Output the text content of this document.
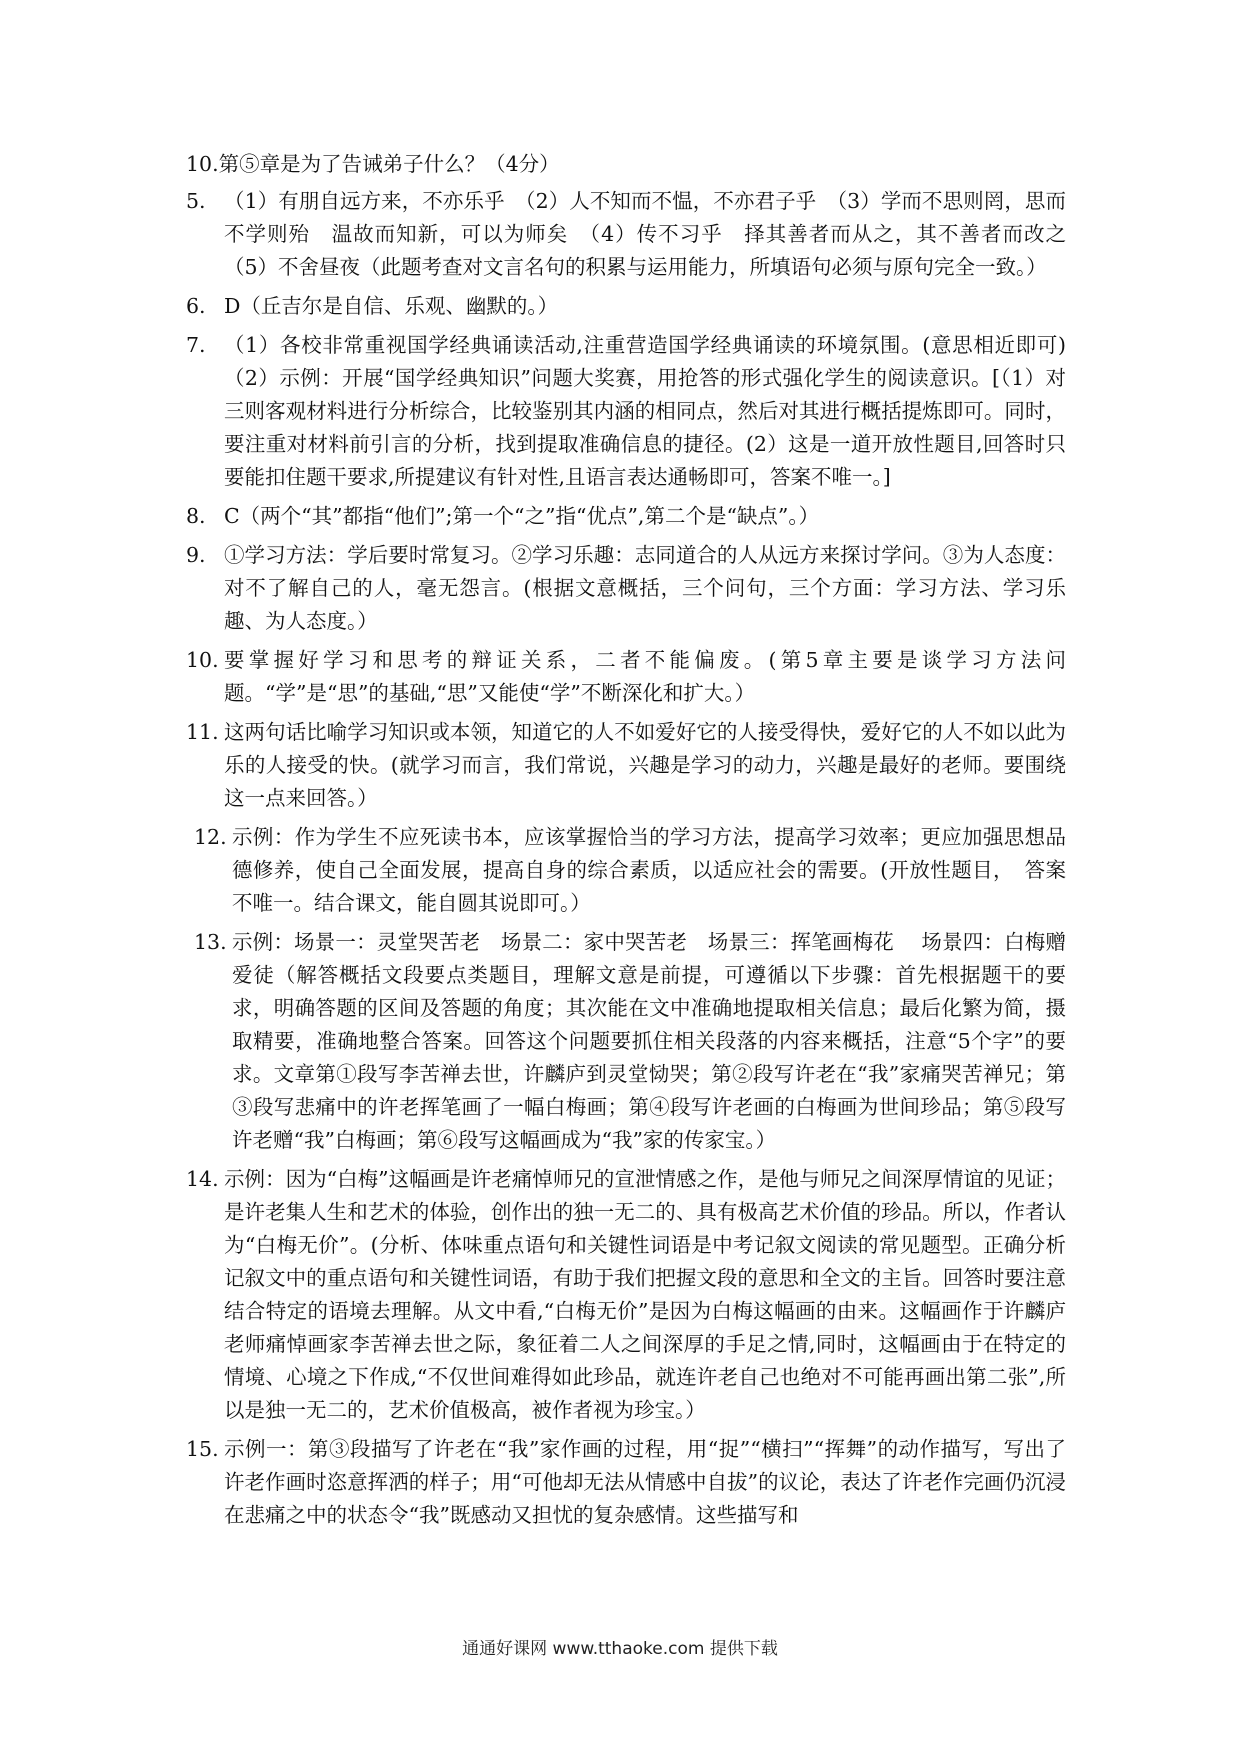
10.第⑤章是为了告诫弟子什么？（4分）
5. （1）有朋自远方来，不亦乐乎　（2）人不知而不愠，不亦君子乎　（3）学而不思则罔，思而不学则殆　温故而知新，可以为师矣　（4）传不习乎　择其善者而从之，其不善者而改之　（5）不舍昼夜（此题考查对文言名句的积累与运用能力，所填语句必须与原句完全一致。）
6. D（丘吉尔是自信、乐观、幽默的。）
7. （1）各校非常重视国学经典诵读活动,注重营造国学经典诵读的环境氛围。(意思相近即可) （2）示例：开展“国学经典知识”问题大奖赛，用抢答的形式强化学生的阅读意识。[（1）对三则客观材料进行分析综合，比较鉴别其内涵的相同点，然后对其进行概括提炼即可。同时，要注重对材料前引言的分析，找到提取准确信息的捷径。(2）这是一道开放性题目,回答时只要能扣住题干要求,所提建议有针对性,且语言表达通畅即可，答案不唯一。]
8. C（两个“其”都指“他们”;第一个“之”指“优点”,第二个是“缺点”。）
9. ①学习方法：学后要时常复习。②学习乐趣：志同道合的人从远方来探讨学问。③为人态度：对不了解自己的人，毫无怨言。(根据文意概括，三个问句，三个方面：学习方法、学习乐趣、为人态度。）
10. 要掌握好学习和思考的辩证关系，二者不能偏废。(第5章主要是谈学习方法问题。“学”是“思”的基础,“思”又能使“学”不断深化和扩大。）
11. 这两句话比喻学习知识或本领，知道它的人不如爱好它的人接受得快，爱好它的人不如以此为乐的人接受的快。(就学习而言，我们常说，兴趣是学习的动力，兴趣是最好的老师。要围绕这一点来回答。）
12. 示例：作为学生不应死读书本，应该掌握恰当的学习方法，提高学习效率；更应加强思想品德修养，使自己全面发展，提高自身的综合素质，以适应社会的需要。(开放性题目，　答案不唯一。结合课文，能自圆其说即可。）
13. 示例：场景一：灵堂哭苦老　场景二：家中哭苦老　场景三：挥笔画梅花　 场景四：白梅赠爱徒（解答概括文段要点类题目，理解文意是前提，可遵循以下步骤：首先根据题干的要求，明确答题的区间及答题的角度；其次能在文中准确地提取相关信息；最后化繁为简，摄取精要，准确地整合答案。回答这个问题要抓住相关段落的内容来概括，注意“5个字”的要求。文章第①段写李苦禅去世，许麟庐到灵堂恸哭；第②段写许老在“我”家痛哭苦禅兄；第③段写悲痛中的许老挥笔画了一幅白梅画；第④段写许老画的白梅画为世间珍品；第⑤段写许老赠“我”白梅画；第⑥段写这幅画成为“我”家的传家宝。）
14. 示例：因为“白梅”这幅画是许老痛悼师兄的宣泄情感之作，是他与师兄之间深厚情谊的见证；是许老集人生和艺术的体验，创作出的独一无二的、具有极高艺术价值的珍品。所以，作者认为“白梅无价”。(分析、体味重点语句和关键性词语是中考记叙文阅读的常见题型。正确分析记叙文中的重点语句和关键性词语，有助于我们把握文段的意思和全文的主旨。回答时要注意结合特定的语境去理解。从文中看,“白梅无价”是因为白梅这幅画的由来。这幅画作于许麟庐老师痛悼画家李苦禅去世之际，象征着二人之间深厚的手足之情,同时，这幅画由于在特定的情境、心境之下作成,“不仅世间难得如此珍品，就连许老自己也绝对不可能再画出第二张”,所以是独一无二的，艺术价值极高，被作者视为珍宝。）
15. 示例一：第③段描写了许老在“我”家作画的过程，用“捉”“横扫”“挥舞”的动作描写，写出了许老作画时恣意挥洒的样子；用“可他却无法从情感中自拔”的议论，表达了许老作完画仍沉浸在悲痛之中的状态令“我”既感动又担忧的复杂感情。这些描写和
通通好课网 www.tthaoke.com 提供下载
